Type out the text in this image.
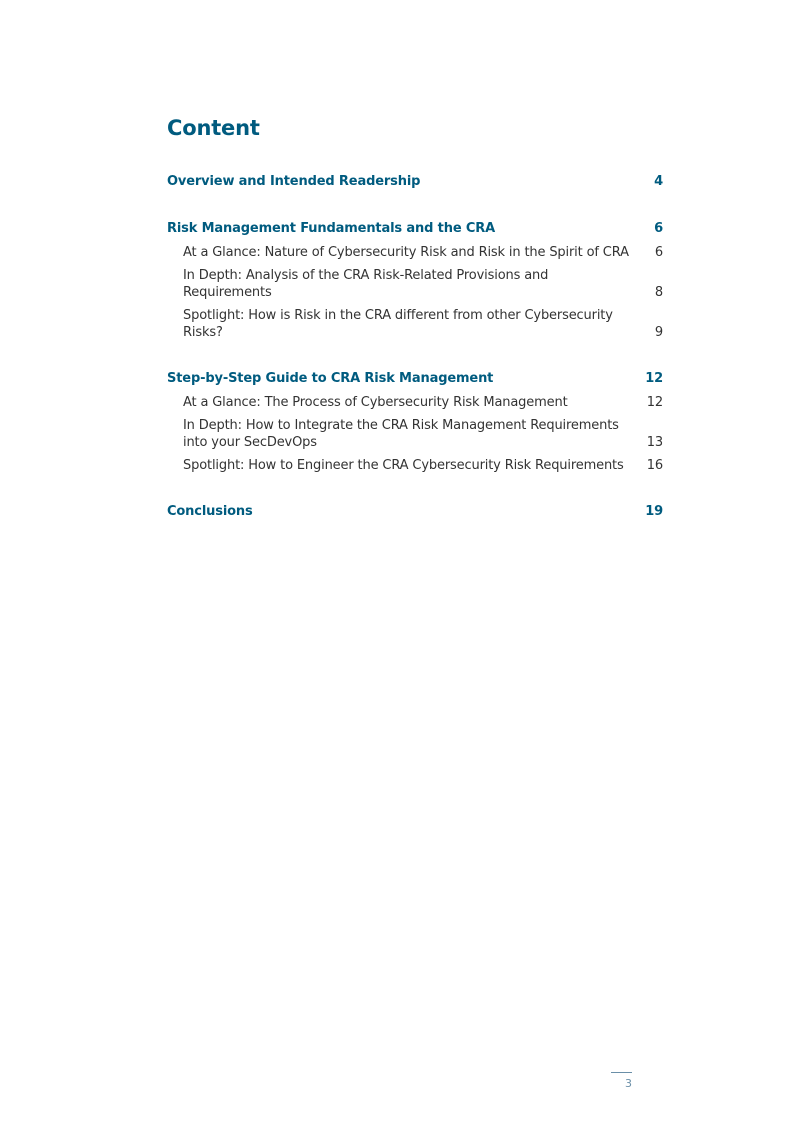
Content
Overview and Intended Readership	4
Risk Management Fundamentals and the CRA	6
At a Glance: Nature of Cybersecurity Risk and Risk in the Spirit of CRA	6
In Depth: Analysis of the CRA Risk-Related Provisions and Requirements	8
Spotlight: How is Risk in the CRA different from other Cybersecurity Risks?	9
Step-by-Step Guide to CRA Risk Management	12
At a Glance: The Process of Cybersecurity Risk Management	12
In Depth: How to Integrate the CRA Risk Management Requirements into your SecDevOps	13
Spotlight: How to Engineer the CRA Cybersecurity Risk Requirements	16
Conclusions	19
3
